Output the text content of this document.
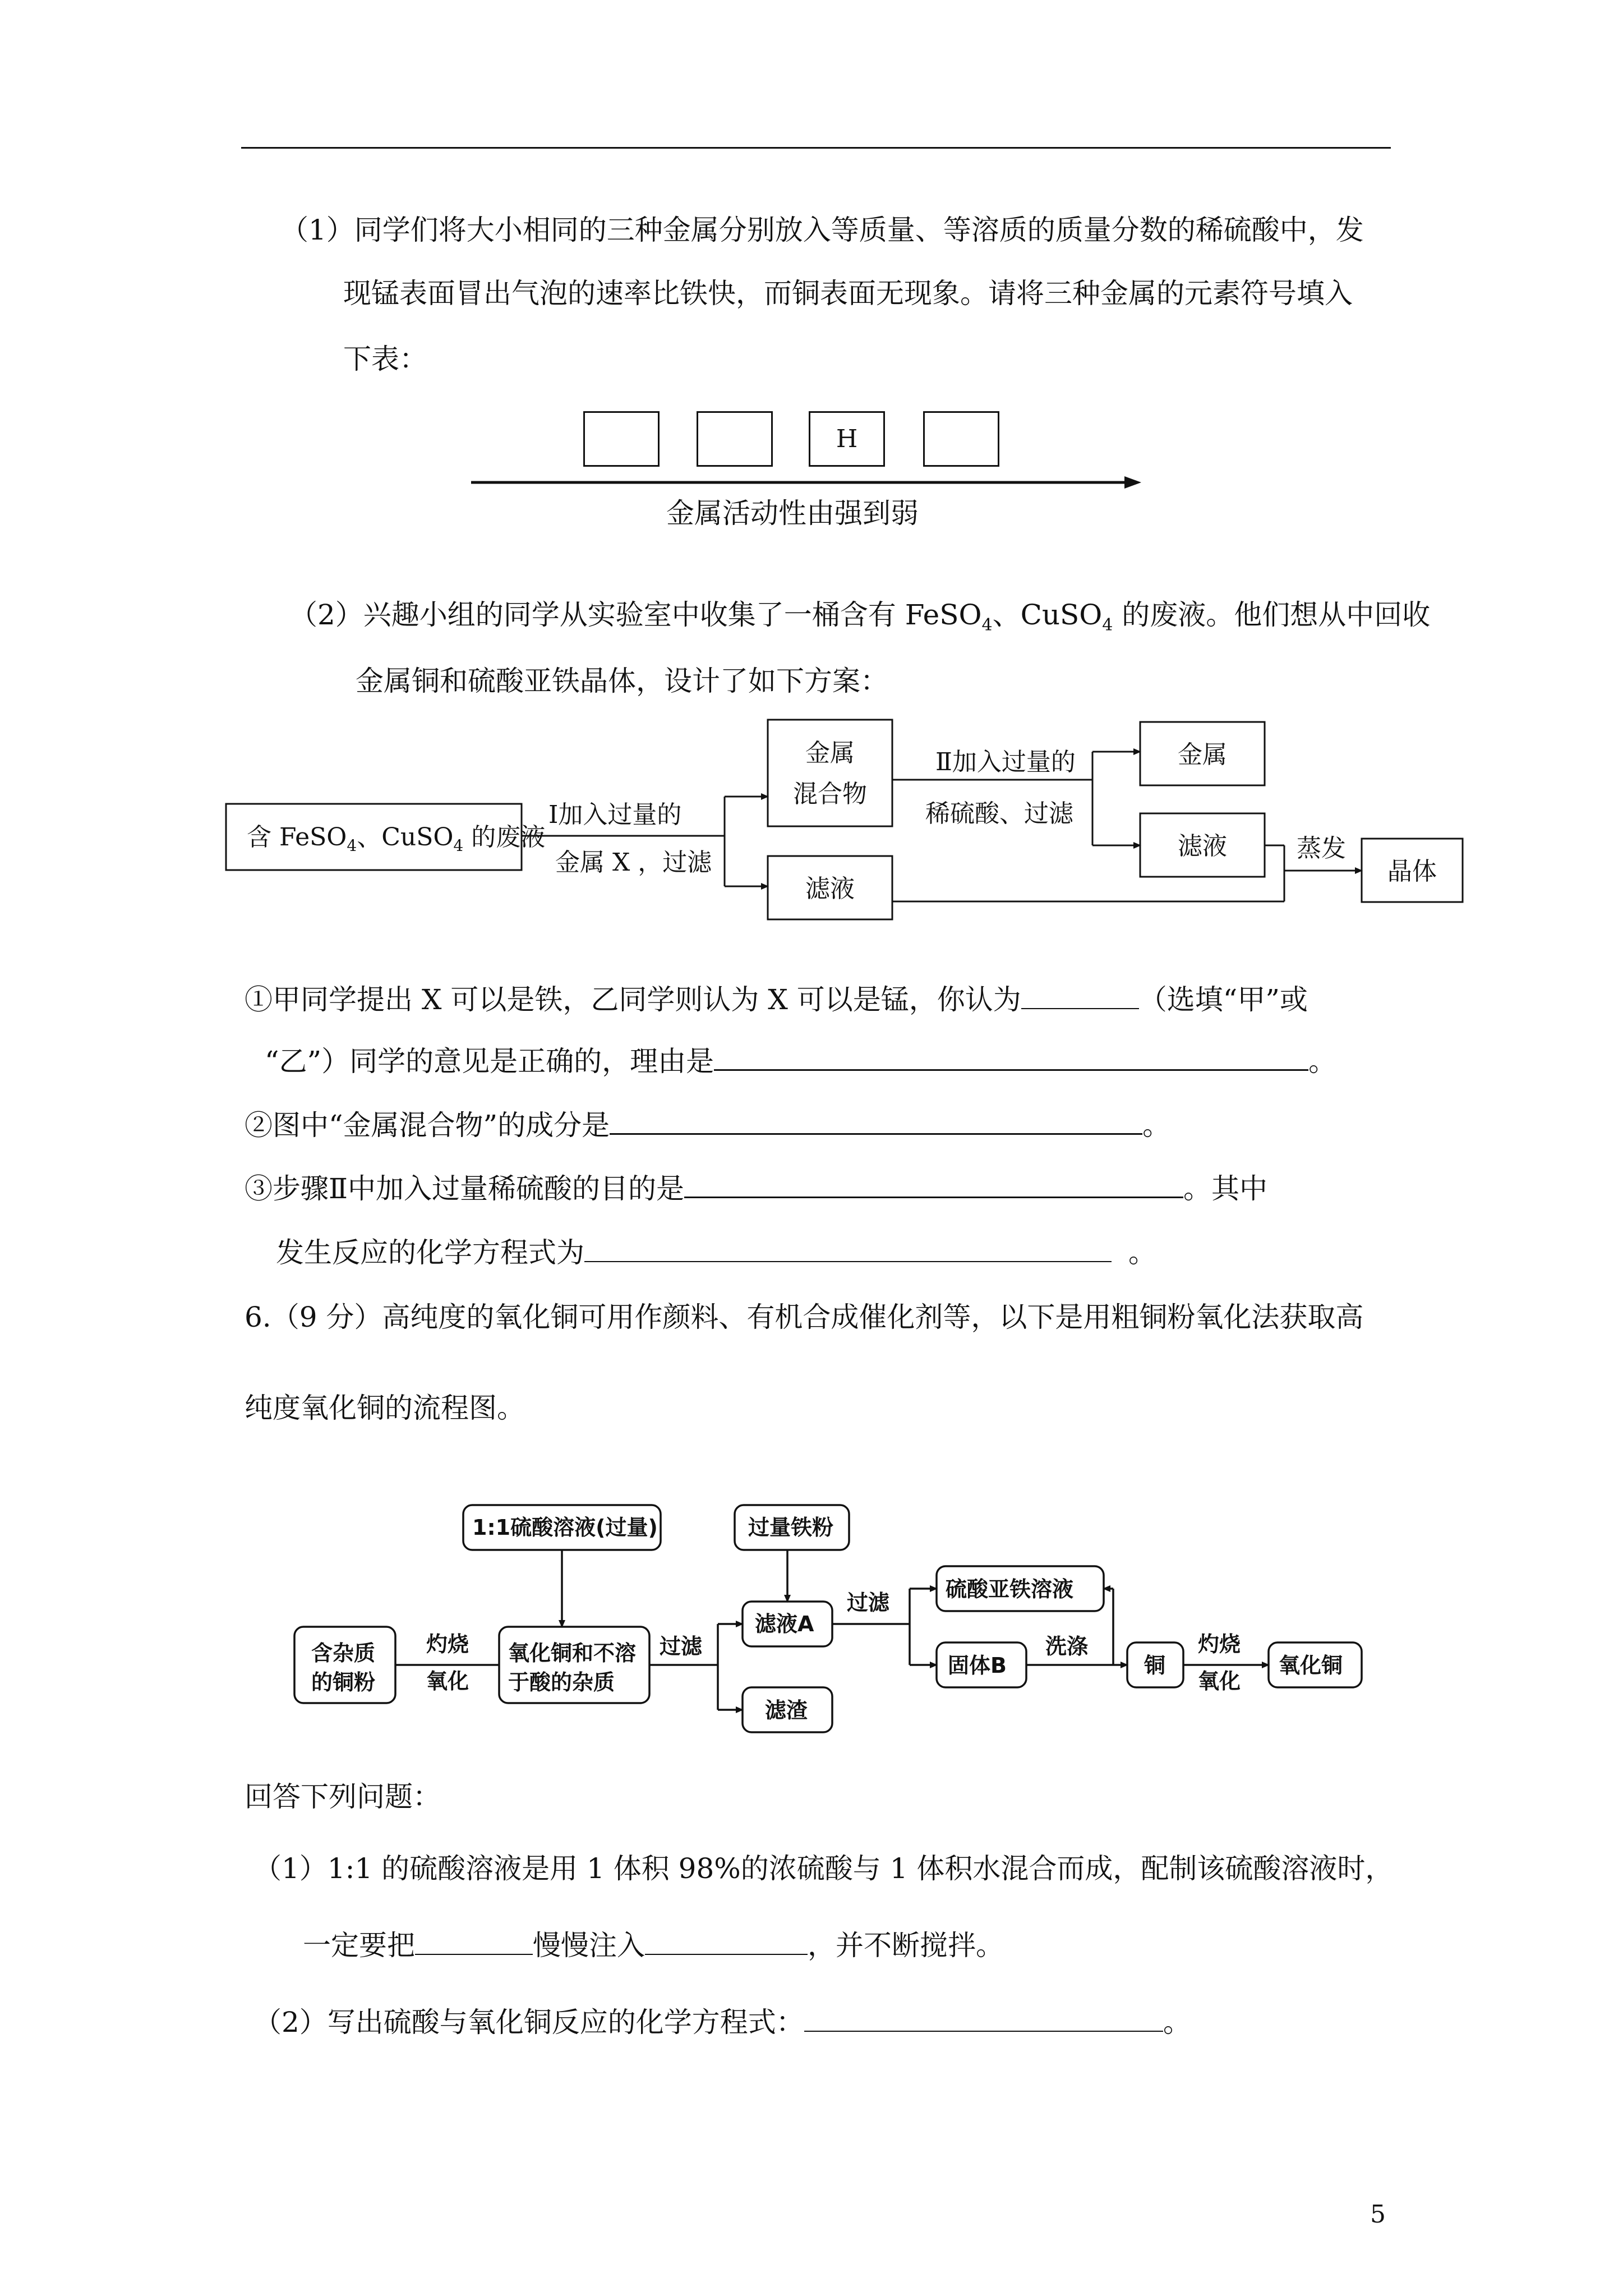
（1）同学们将大小相同的三种金属分别放入等质量、等溶质的质量分数的稀硫酸中，发
现锰表面冒出气泡的速率比铁快，而铜表面无现象。请将三种金属的元素符号填入
下表：
H
金属活动性由强到弱
（2）兴趣小组的同学从实验室中收集了一桶含有 FeSO$_4$、CuSO$_4$ 的废液。他们想从中回收
金属铜和硫酸亚铁晶体，设计了如下方案：
含 FeSO$_4$、CuSO$_4$ 的废液
Ⅰ加入过量的
金属 X ，过滤
金属
混合物
滤液
Ⅱ加入过量的
稀硫酸、过滤
金属
滤液	蒸发
晶体
①甲同学提出 X 可以是铁，乙同学则认为 X 可以是锰，你认为	（选填“甲”或
“乙”）同学的意见是正确的，理由是	。
②图中“金属混合物”的成分是	。
③步骤Ⅱ中加入过量稀硫酸的目的是	。其中
发生反应的化学方程式为	。
6.（9 分）高纯度的氧化铜可用作颜料、有机合成催化剂等，以下是用粗铜粉氧化法获取高
纯度氧化铜的流程图。
1:1硫酸溶液(过量)	过量铁粉
含杂质
的铜粉
灼烧
氧化
氧化铜和不溶
于酸的杂质
过滤
滤液A
滤渣
过滤
硫酸亚铁溶液
固体B
洗涤
铜
灼烧
氧化
氧化铜
回答下列问题：
（1）1:1 的硫酸溶液是用 1 体积 98%的浓硫酸与 1 体积水混合而成，配制该硫酸溶液时，
一定要把	慢慢注入	，并不断搅拌。
（2）写出硫酸与氧化铜反应的化学方程式：	。
5
